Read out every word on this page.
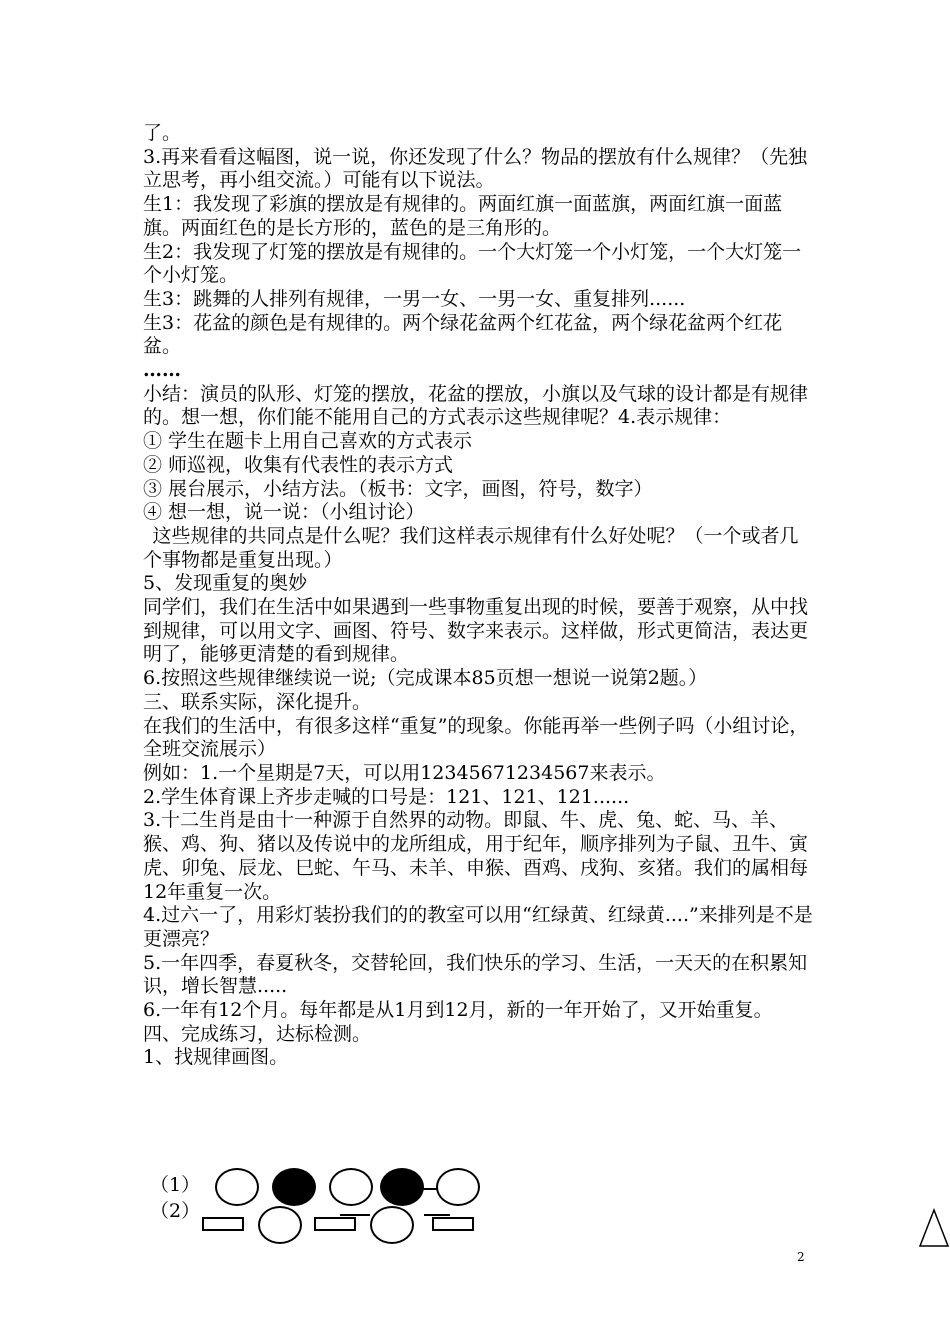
了。

3.再来看看这幅图，说一说，你还发现了什么？物品的摆放有什么规律？（先独立思考，再小组交流。）可能有以下说法。

生1：我发现了彩旗的摆放是有规律的。两面红旗一面蓝旗，两面红旗一面蓝旗。两面红色的是长方形的，蓝色的是三角形的。

生2：我发现了灯笼的摆放是有规律的。一个大灯笼一个小灯笼，一个大灯笼一个小灯笼。

生3：跳舞的人排列有规律，一男一女、一男一女、重复排列......

生3：花盆的颜色是有规律的。两个绿花盆两个红花盆，两个绿花盆两个红花盆。

……

小结：演员的队形、灯笼的摆放，花盆的摆放，小旗以及气球的设计都是有规律的。想一想，你们能不能用自己的方式表示这些规律呢？4.表示规律：

① 学生在题卡上用自己喜欢的方式表示

② 师巡视，收集有代表性的表示方式

③ 展台展示，小结方法。（板书：文字，画图，符号，数字）

④ 想一想，说一说：（小组讨论）

这些规律的共同点是什么呢？我们这样表示规律有什么好处呢？（一个或者几个事物都是重复出现。）

5、发现重复的奥妙

同学们，我们在生活中如果遇到一些事物重复出现的时候，要善于观察，从中找到规律，可以用文字、画图、符号、数字来表示。这样做，形式更简洁，表达更明了，能够更清楚的看到规律。

6.按照这些规律继续说一说;（完成课本85页想一想说一说第2题。）

三、联系实际，深化提升。

在我们的生活中，有很多这样“重复”的现象。你能再举一些例子吗（小组讨论，全班交流展示）

例如：1.一个星期是7天，可以用12345671234567来表示。

2.学生体育课上齐步走喊的口号是：121、121、121......

3.十二生肖是由十一种源于自然界的动物。即鼠、牛、虎、兔、蛇、马、羊、猴、鸡、狗、猪以及传说中的龙所组成，用于纪年，顺序排列为子鼠、丑牛、寅虎、卯兔、辰龙、巳蛇、午马、未羊、申猴、酉鸡、戌狗、亥猪。我们的属相每12年重复一次。

4.过六一了，用彩灯装扮我们的的教室可以用“红绿黄、红绿黄....”来排列是不是更漂亮？

5.一年四季，春夏秋冬，交替轮回，我们快乐的学习、生活，一天天的在积累知识，增长智慧.....

6.一年有12个月。每年都是从1月到12月，新的一年开始了，又开始重复。

四、完成练习，达标检测。

1、找规律画图。

（1）
（2）
2
